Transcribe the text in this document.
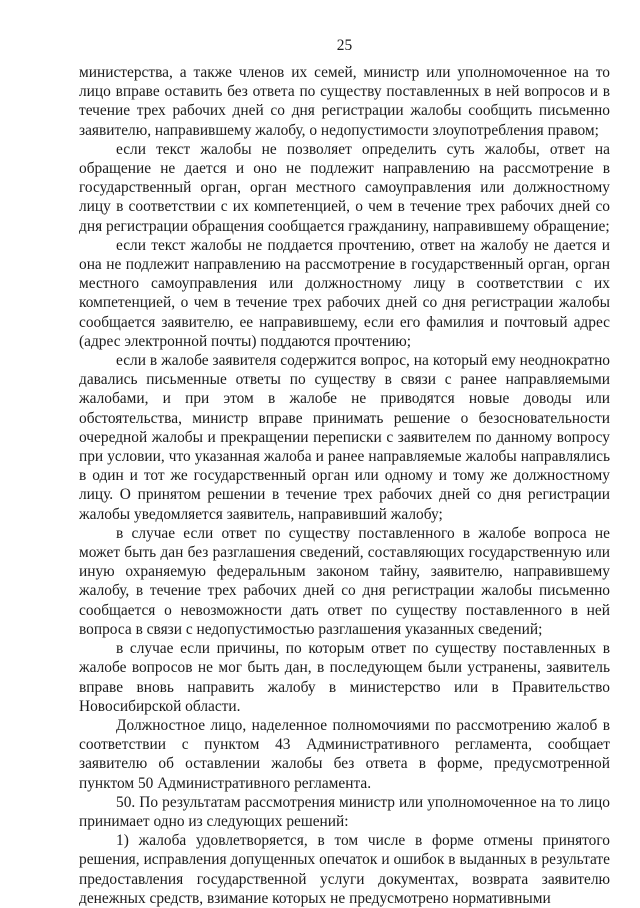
25

министерства, а также членов их семей, министр или уполномоченное на то лицо вправе оставить без ответа по существу поставленных в ней вопросов и в течение трех рабочих дней со дня регистрации жалобы сообщить письменно заявителю, направившему жалобу, о недопустимости злоупотребления правом;

если текст жалобы не позволяет определить суть жалобы, ответ на обращение не дается и оно не подлежит направлению на рассмотрение в государственный орган, орган местного самоуправления или должностному лицу в соответствии с их компетенцией, о чем в течение трех рабочих дней со дня регистрации обращения сообщается гражданину, направившему обращение;

если текст жалобы не поддается прочтению, ответ на жалобу не дается и она не подлежит направлению на рассмотрение в государственный орган, орган местного самоуправления или должностному лицу в соответствии с их компетенцией, о чем в течение трех рабочих дней со дня регистрации жалобы сообщается заявителю, ее направившему, если его фамилия и почтовый адрес (адрес электронной почты) поддаются прочтению;

если в жалобе заявителя содержится вопрос, на который ему неоднократно давались письменные ответы по существу в связи с ранее направляемыми жалобами, и при этом в жалобе не приводятся новые доводы или обстоятельства, министр вправе принимать решение о безосновательности очередной жалобы и прекращении переписки с заявителем по данному вопросу при условии, что указанная жалоба и ранее направляемые жалобы направлялись в один и тот же государственный орган или одному и тому же должностному лицу. О принятом решении в течение трех рабочих дней со дня регистрации жалобы уведомляется заявитель, направивший жалобу;

в случае если ответ по существу поставленного в жалобе вопроса не может быть дан без разглашения сведений, составляющих государственную или иную охраняемую федеральным законом тайну, заявителю, направившему жалобу, в течение трех рабочих дней со дня регистрации жалобы письменно сообщается о невозможности дать ответ по существу поставленного в ней вопроса в связи с недопустимостью разглашения указанных сведений;

в случае если причины, по которым ответ по существу поставленных в жалобе вопросов не мог быть дан, в последующем были устранены, заявитель вправе вновь направить жалобу в министерство или в Правительство Новосибирской области.

Должностное лицо, наделенное полномочиями по рассмотрению жалоб в соответствии с пунктом 43 Административного регламента, сообщает заявителю об оставлении жалобы без ответа в форме, предусмотренной пунктом 50 Административного регламента.

50. По результатам рассмотрения министр или уполномоченное на то лицо принимает одно из следующих решений:

1) жалоба удовлетворяется, в том числе в форме отмены принятого решения, исправления допущенных опечаток и ошибок в выданных в результате предоставления государственной услуги документах, возврата заявителю денежных средств, взимание которых не предусмотрено нормативными
